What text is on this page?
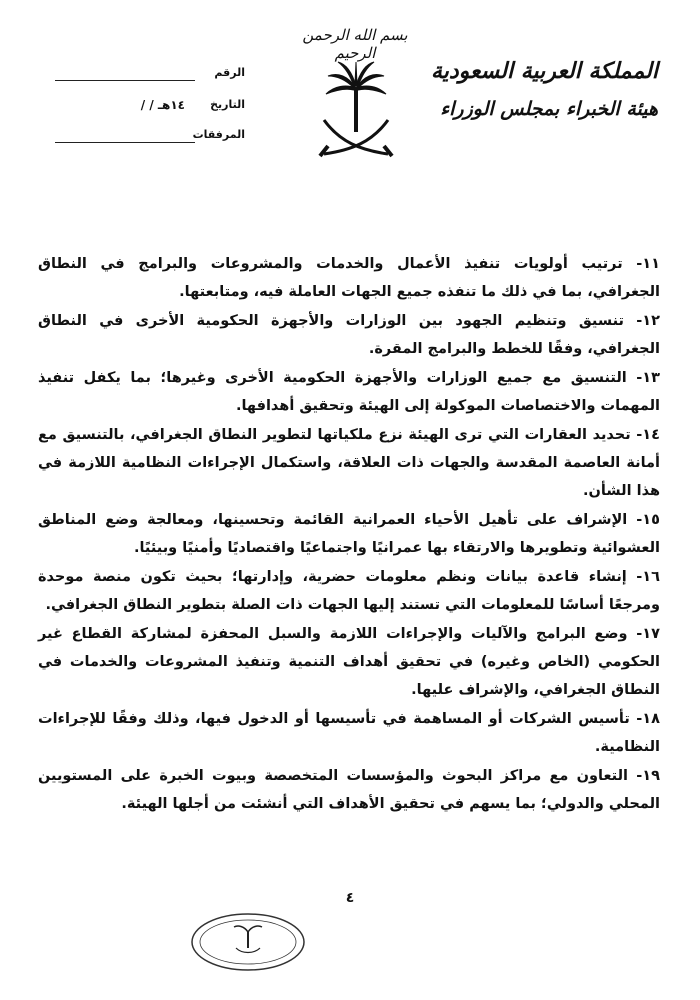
بسم الله الرحمن الرحيم
المملكة العربية السعودية
هيئة الخبراء بمجلس الوزراء
الرقم
التاريخ
/ / ١٤هـ
المرفقات

١١- ترتيب أولويات تنفيذ الأعمال والخدمات والمشروعات والبرامج في النطاق الجغرافي، بما في ذلك ما تنفذه جميع الجهات العاملة فيه، ومتابعتها.

١٢- تنسيق وتنظيم الجهود بين الوزارات والأجهزة الحكومية الأخرى في النطاق الجغرافي، وفقًا للخطط والبرامج المقرة.

١٣- التنسيق مع جميع الوزارات والأجهزة الحكومية الأخرى وغيرها؛ بما يكفل تنفيذ المهمات والاختصاصات الموكولة إلى الهيئة وتحقيق أهدافها.

١٤- تحديد العقارات التي ترى الهيئة نزع ملكياتها لتطوير النطاق الجغرافي، بالتنسيق مع أمانة العاصمة المقدسة والجهات ذات العلاقة، واستكمال الإجراءات النظامية اللازمة في هذا الشأن.

١٥- الإشراف على تأهيل الأحياء العمرانية القائمة وتحسينها، ومعالجة وضع المناطق العشوائية وتطويرها والارتقاء بها عمرانيًا واجتماعيًا واقتصاديًا وأمنيًا وبيئيًا.

١٦- إنشاء قاعدة بيانات ونظم معلومات حضرية، وإدارتها؛ بحيث تكون منصة موحدة ومرجعًا أساسًا للمعلومات التي تستند إليها الجهات ذات الصلة بتطوير النطاق الجغرافي.

١٧- وضع البرامج والآليات والإجراءات اللازمة والسبل المحفزة لمشاركة القطاع غير الحكومي (الخاص وغيره) في تحقيق أهداف التنمية وتنفيذ المشروعات والخدمات في النطاق الجغرافي، والإشراف عليها.

١٨- تأسيس الشركات أو المساهمة في تأسيسها أو الدخول فيها، وذلك وفقًا للإجراءات النظامية.

١٩- التعاون مع مراكز البحوث والمؤسسات المتخصصة وبيوت الخبرة على المستويين المحلي والدولي؛ بما يسهم في تحقيق الأهداف التي أنشئت من أجلها الهيئة.

٤
